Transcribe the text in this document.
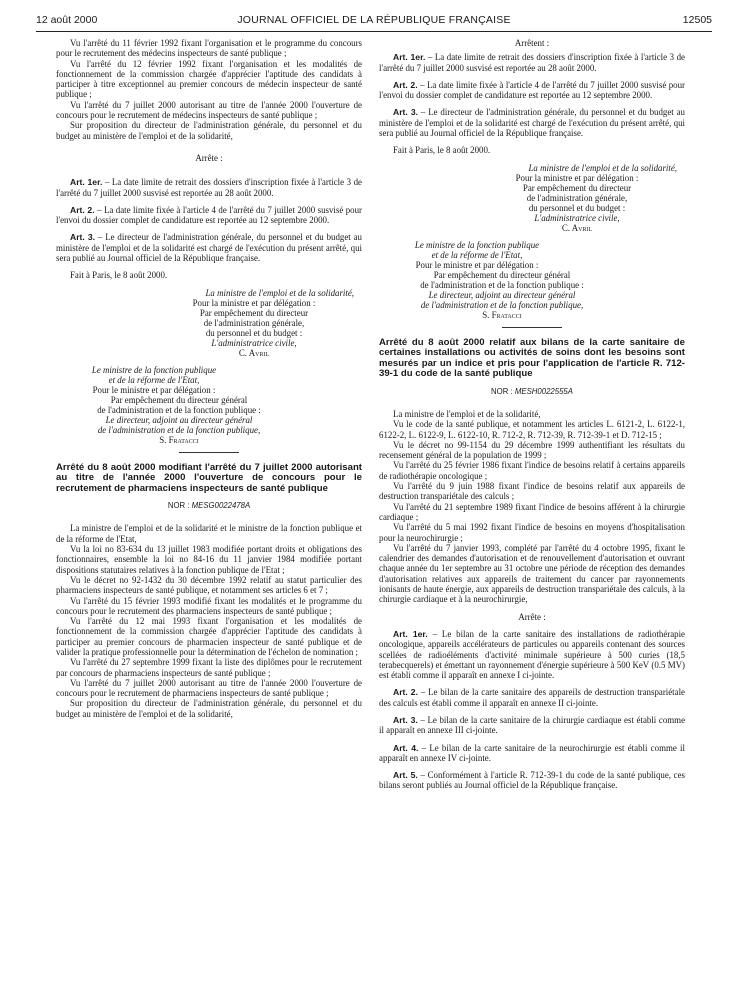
12 août 2000	JOURNAL OFFICIEL DE LA RÉPUBLIQUE FRANÇAISE	12505

Vu l'arrêté du 11 février 1992 fixant l'organisation et le programme du concours pour le recrutement des médecins inspecteurs de santé publique ;

Vu l'arrêté du 12 février 1992 fixant l'organisation et les modalités de fonctionnement de la commission chargée d'apprécier l'aptitude des candidats à participer à titre exceptionnel au premier concours de médecin inspecteur de santé publique ;

Vu l'arrêté du 7 juillet 2000 autorisant au titre de l'année 2000 l'ouverture de concours pour le recrutement de médecins inspecteurs de santé publique ;

Sur proposition du directeur de l'administration générale, du personnel et du budget au ministère de l'emploi et de la solidarité,

Arrête :

Art. 1er. – La date limite de retrait des dossiers d'inscription fixée à l'article 3 de l'arrêté du 7 juillet 2000 susvisé est reportée au 28 août 2000.

Art. 2. – La date limite fixée à l'article 4 de l'arrêté du 7 juillet 2000 susvisé pour l'envoi du dossier complet de candidature est reportée au 12 septembre 2000.

Art. 3. – Le directeur de l'administration générale, du personnel et du budget au ministère de l'emploi et de la solidarité est chargé de l'exécution du présent arrêté, qui sera publié au Journal officiel de la République française.

Fait à Paris, le 8 août 2000.

La ministre de l'emploi et de la solidarité,

Pour la ministre et par délégation :

Par empêchement du directeur

de l'administration générale,

du personnel et du budget :

L'administratrice civile,

C. Avril

Le ministre de la fonction publique

et de la réforme de l'Etat,

Pour le ministre et par délégation :

Par empêchement du directeur général

de l'administration et de la fonction publique :

Le directeur, adjoint au directeur général

de l'administration et de la fonction publique,

S. Fratacci

Arrêté du 8 août 2000 modifiant l'arrêté du 7 juillet 2000 autorisant au titre de l'année 2000 l'ouverture de concours pour le recrutement de pharmaciens inspecteurs de santé publique

NOR : MESG0022478A

La ministre de l'emploi et de la solidarité et le ministre de la fonction publique et de la réforme de l'Etat,

Vu la loi no 83-634 du 13 juillet 1983 modifiée portant droits et obligations des fonctionnaires, ensemble la loi no 84-16 du 11 janvier 1984 modifiée portant dispositions statutaires relatives à la fonction publique de l'Etat ;

Vu le décret no 92-1432 du 30 décembre 1992 relatif au statut particulier des pharmaciens inspecteurs de santé publique, et notamment ses articles 6 et 7 ;

Vu l'arrêté du 15 février 1993 modifié fixant les modalités et le programme du concours pour le recrutement des pharmaciens inspecteurs de santé publique ;

Vu l'arrêté du 12 mai 1993 fixant l'organisation et les modalités de fonctionnement de la commission chargée d'apprécier l'aptitude des candidats à participer au premier concours de pharmacien inspecteur de santé publique et de valider la pratique professionnelle pour la détermination de l'échelon de nomination ;

Vu l'arrêté du 27 septembre 1999 fixant la liste des diplômes pour le recrutement par concours de pharmaciens inspecteurs de santé publique ;

Vu l'arrêté du 7 juillet 2000 autorisant au titre de l'année 2000 l'ouverture de concours pour le recrutement de pharmaciens inspecteurs de santé publique ;

Sur proposition du directeur de l'administration générale, du personnel et du budget au ministère de l'emploi et de la solidarité,

Arrêtent :

Art. 1er. – La date limite de retrait des dossiers d'inscription fixée à l'article 3 de l'arrêté du 7 juillet 2000 susvisé est reportée au 28 août 2000.

Art. 2. – La date limite fixée à l'article 4 de l'arrêté du 7 juillet 2000 susvisé pour l'envoi du dossier complet de candidature est reportée au 12 septembre 2000.

Art. 3. – Le directeur de l'administration générale, du personnel et du budget au ministère de l'emploi et de la solidarité est chargé de l'exécution du présent arrêté, qui sera publié au Journal officiel de la République française.

Fait à Paris, le 8 août 2000.

La ministre de l'emploi et de la solidarité,

Pour la ministre et par délégation :

Par empêchement du directeur

de l'administration générale,

du personnel et du budget :

L'administratrice civile,

C. Avril

Le ministre de la fonction publique

et de la réforme de l'Etat,

Pour le ministre et par délégation :

Par empêchement du directeur général

de l'administration et de la fonction publique :

Le directeur, adjoint au directeur général

de l'administration et de la fonction publique,

S. Fratacci

Arrêté du 8 août 2000 relatif aux bilans de la carte sanitaire de certaines installations ou activités de soins dont les besoins sont mesurés par un indice et pris pour l'application de l'article R. 712-39-1 du code de la santé publique

NOR : MESH0022555A

La ministre de l'emploi et de la solidarité,

Vu le code de la santé publique, et notamment les articles L. 6121-2, L. 6122-1, 6122-2, L. 6122-9, L. 6122-10, R. 712-2, R. 712-39, R. 712-39-1 et D. 712-15 ;

Vu le décret no 99-1154 du 29 décembre 1999 authentifiant les résultats du recensement général de la population de 1999 ;

Vu l'arrêté du 25 février 1986 fixant l'indice de besoins relatif à certains appareils de radiothérapie oncologique ;

Vu l'arrêté du 9 juin 1988 fixant l'indice de besoins relatif aux appareils de destruction transpariétale des calculs ;

Vu l'arrêté du 21 septembre 1989 fixant l'indice de besoins afférent à la chirurgie cardiaque ;

Vu l'arrêté du 5 mai 1992 fixant l'indice de besoins en moyens d'hospitalisation pour la neurochirurgie ;

Vu l'arrêté du 7 janvier 1993, complété par l'arrêté du 4 octobre 1995, fixant le calendrier des demandes d'autorisation et de renouvellement d'autorisation et ouvrant chaque année du 1er septembre au 31 octobre une période de réception des demandes d'autorisation relatives aux appareils de traitement du cancer par rayonnements ionisants de haute énergie, aux appareils de destruction transpariétale des calculs, à la chirurgie cardiaque et à la neurochirurgie,

Arrête :

Art. 1er. – Le bilan de la carte sanitaire des installations de radiothérapie oncologique, appareils accélérateurs de particules ou appareils contenant des sources scellées de radioéléments d'activité minimale supérieure à 500 curies (18,5 terabecquerels) et émettant un rayonnement d'énergie supérieure à 500 KeV (0.5 MV) est établi comme il apparaît en annexe I ci-jointe.

Art. 2. – Le bilan de la carte sanitaire des appareils de destruction transpariétale des calculs est établi comme il apparaît en annexe II ci-jointe.

Art. 3. – Le bilan de la carte sanitaire de la chirurgie cardiaque est établi comme il apparaît en annexe III ci-jointe.

Art. 4. – Le bilan de la carte sanitaire de la neurochirurgie est établi comme il apparaît en annexe IV ci-jointe.

Art. 5. – Conformément à l'article R. 712-39-1 du code de la santé publique, ces bilans seront publiés au Journal officiel de la République française.
